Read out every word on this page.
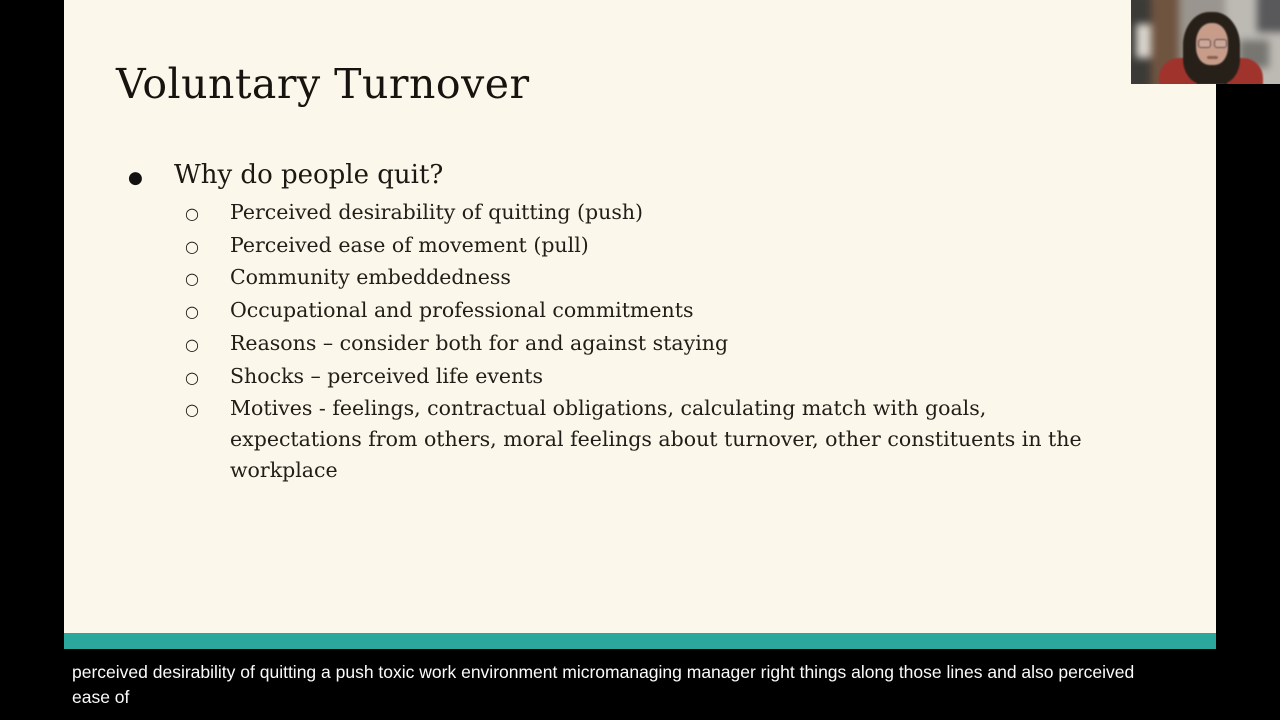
Voluntary Turnover
●	Why do people quit?
○	Perceived desirability of quitting (push)
○	Perceived ease of movement (pull)
○	Community embeddedness
○	Occupational and professional commitments
○	Reasons – consider both for and against staying
○	Shocks – perceived life events
○	Motives - feelings, contractual obligations, calculating match with goals, expectations from others, moral feelings about turnover, other constituents in the workplace
perceived desirability of quitting a push toxic work environment micromanaging manager right things along those lines and also perceived
ease of
